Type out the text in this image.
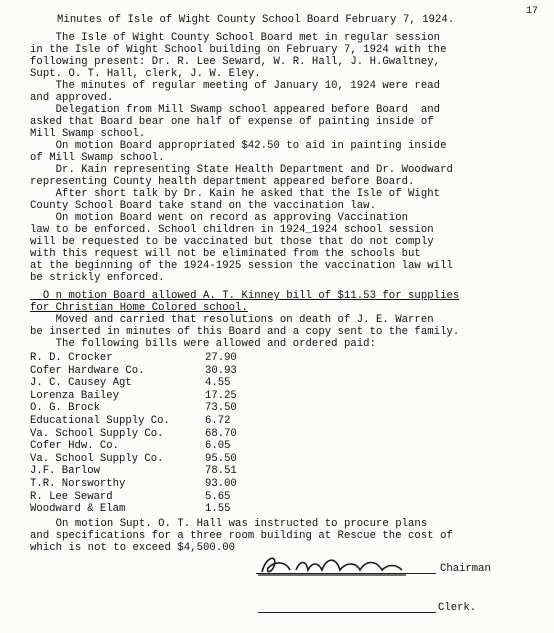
17
Minutes of Isle of Wight County School Board February 7, 1924.
The Isle of Wight County School Board met in regular session
in the Isle of Wight School building on February 7, 1924 with the
following present: Dr. R. Lee Seward, W. R. Hall, J. H.Gwaltney,
Supt. O. T. Hall, clerk, J. W. Eley.
The minutes of regular meeting of January 10, 1924 were read
and approved.
Delegation from Mill Swamp school appeared before Board  and
asked that Board bear one half of expense of painting inside of
Mill Swamp school.
On motion Board appropriated $42.50 to aid in painting inside
of Mill Swamp school.
Dr. Kain representing State Health Department and Dr. Woodward
representing County health department appeared before Board.
After short talk by Dr. Kain he asked that the Isle of Wight
County School Board take stand on the vaccination law.
On motion Board went on record as approving Vaccination
law to be enforced. School children in 1924_1924 school session
will be requested to be vaccinated but those that do not comply
with this request will not be eliminated from the schools but
at the beginning of the 1924-1925 session the vaccination law will
be strickly enforced.
O n motion Board allowed A. T. Kinney bill of $11.53 for supplies
for Christian Home Colored school.
Moved and carried that resolutions on death of J. E. Warren
be inserted in minutes of this Board and a copy sent to the family.
The following bills were allowed and ordered paid:
R. D. Crocker	27.90
Cofer Hardware Co.	30.93
J. C. Causey Agt	4.55
Lorenza Bailey	17.25
O. G. Brock	73.50
Educational Supply Co.	6.72
Va. School Supply Co.	68.70
Cofer Hdw. Co.	6.05
Va. School Supply Co.	95.50
J.F. Barlow	78.51
T.R. Norsworthy	93.00
R. Lee Seward	5.65
Woodward & Elam	1.55
On motion Supt. O. T. Hall was instructed to procure plans
and specifications for a three room building at Rescue the cost of
which is not to exceed $4,500.00
Chairman
Clerk.
